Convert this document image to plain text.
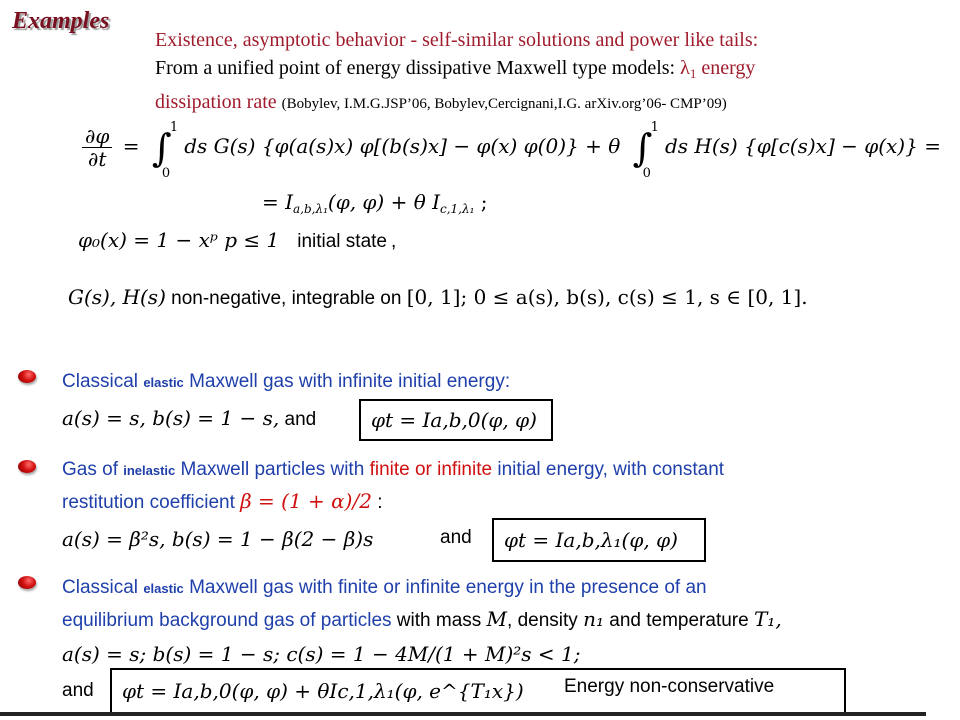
Examples
Existence, asymptotic behavior - self-similar solutions and power like tails:
From a unified point of energy dissipative Maxwell type models: $\lambda_1$ energy
dissipation rate (Bobylev, I.M.G.JSP’06, Bobylev,Cercignani,I.G. arXiv.org’06- CMP’09)
$\frac{\partial\varphi}{\partial t}$ = ∫
1
0
ds G(s) {φ(a(s)x) φ[(b(s)x] − φ(x) φ(0)} + θ ∫
1
0
ds H(s) {φ[c(s)x] − φ(x)} =
= $I_{a,b,\lambda_1}(\varphi$, φ) + θ $I_{c,1,\lambda_1}$ ;
φ₀(x) = 1 − xᵖ p ≤ 1 initial state ,
G(s), H(s) non-negative, integrable on [0, 1]; 0 ≤ a(s), b(s), c(s) ≤ 1, s ∈ [0, 1].
Classical elastic Maxwell gas with infinite initial energy:
a(s) = s, b(s) = 1 − s, and	φt = Ia,b,0(φ, φ)
Gas of inelastic Maxwell particles with finite or infinite initial energy, with constant
restitution coefficient β = (1 + α)/2 :
a(s) = β²s, b(s) = 1 − β(2 − β)s	and	φt = Ia,b,λ₁(φ, φ)
Classical elastic Maxwell gas with finite or infinite energy in the presence of an
equilibrium background gas of particles with mass M, density n₁ and temperature T₁,
a(s) = s; b(s) = 1 − s; c(s) = 1 − 4M/(1 + M)²s < 1;
and	φt = Ia,b,0(φ, φ) + θIc,1,λ₁(φ, e^{T₁x}) Energy non-conservative
